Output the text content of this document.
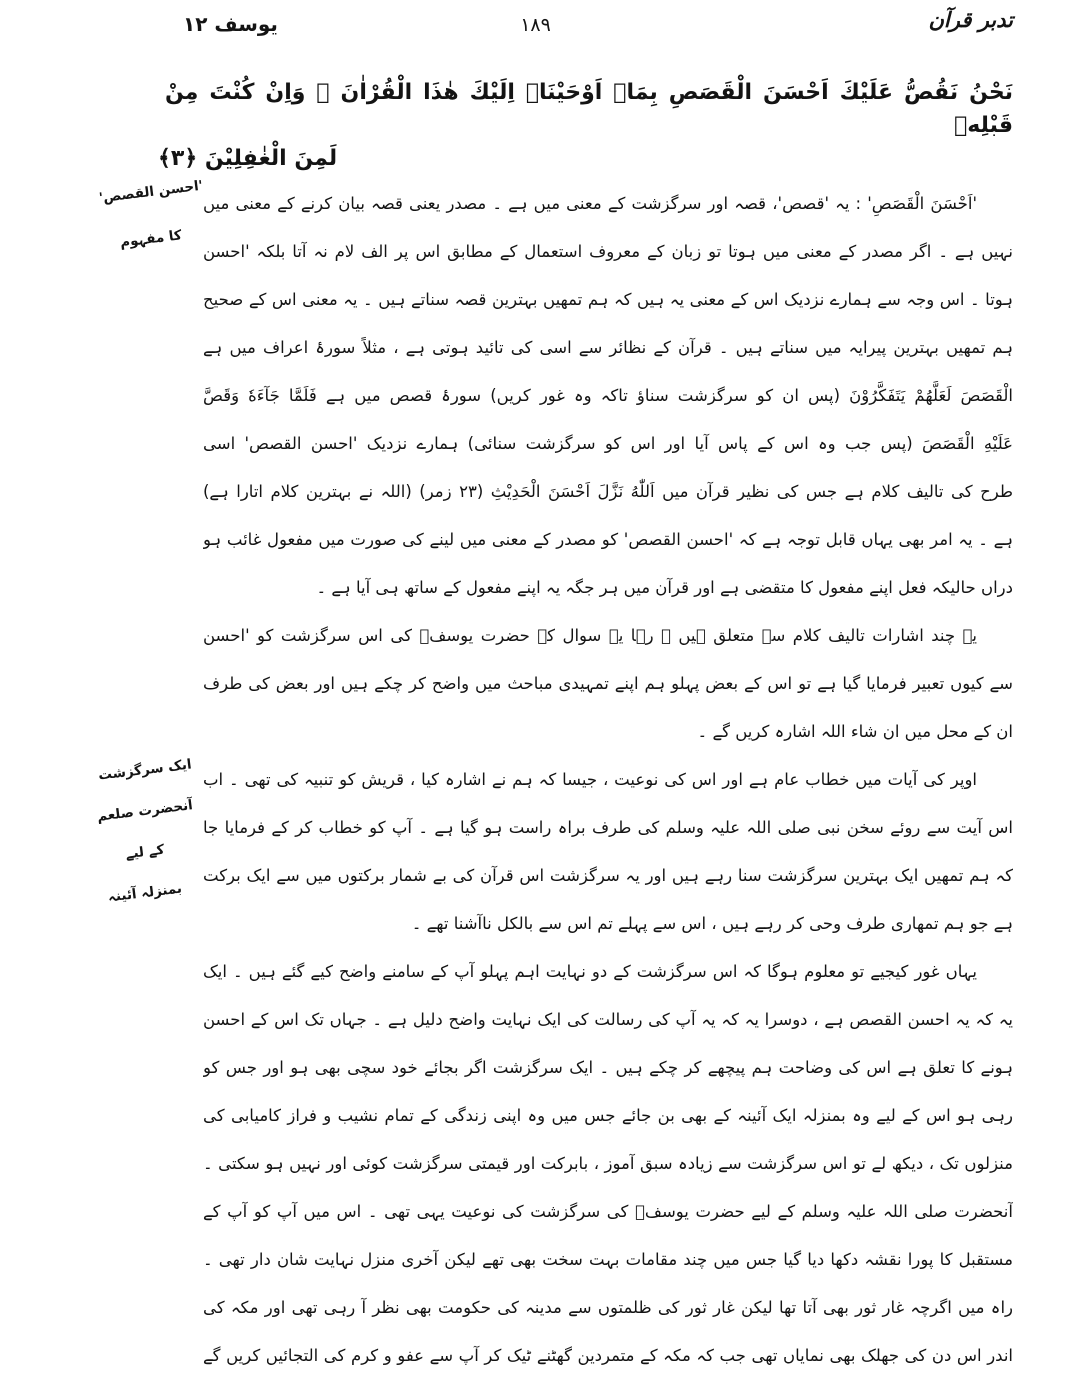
تدبر قرآن
١٨٩
یوسف ۱۲
نَحْنُ نَقُصُّ عَلَيْكَ اَحْسَنَ الْقَصَصِ بِمَاۤ اَوْحَيْنَاۤ اِلَيْكَ هٰذَا الْقُرْاٰنَ ۚ وَاِنْ كُنْتَ مِنْ قَبْلِهٖ
لَمِنَ الْغٰفِلِيْنَ ﴿٣﴾
'احسن القصص'
کا مفہوم
ایک سرگزشت
آنحضرت صلعم
کے لیے
بمنزلہ آئینہ
'اَحْسَنَ الْقَصَصِ' : یہ 'قصص'، قصہ اور سرگزشت کے معنی میں ہے ۔ مصدر یعنی قصہ بیان کرنے کے معنی میں
نہیں ہے ۔ اگر مصدر کے معنی میں ہوتا تو زبان کے معروف استعمال کے مطابق اس پر الف لام نہ آتا بلکہ 'احسن
ہوتا ۔ اس وجہ سے ہمارے نزدیک اس کے معنی یہ ہیں کہ ہم تمھیں بہترین قصہ سناتے ہیں ۔ یہ معنی اس کے صحیح
ہم تمھیں بہترین پیرایہ میں سناتے ہیں ۔ قرآن کے نظائر سے اسی کی تائید ہوتی ہے ، مثلاً سورۂ اعراف میں ہے
الْقَصَصَ لَعَلَّهُمْ يَتَفَكَّرُوْنَ (پس ان کو سرگزشت سناؤ تاکہ وہ غور کریں) سورۂ قصص میں ہے فَلَمَّا جَآءَهٗ وَقَصَّ
عَلَيْهِ الْقَصَصَ (پس جب وہ اس کے پاس آیا اور اس کو سرگزشت سنائی) ہمارے نزدیک 'احسن القصص' اسی
طرح کی تالیف کلام ہے جس کی نظیر قرآن میں اَللّٰهُ نَزَّلَ اَحْسَنَ الْحَدِيْثِ (۲۳ زمر) (اللہ نے بہترین کلام اتارا ہے)
ہے ۔ یہ امر بھی یہاں قابل توجہ ہے کہ 'احسن القصص' کو مصدر کے معنی میں لینے کی صورت میں مفعول غائب ہو
دراں حالیکہ فعل اپنے مفعول کا متقضی ہے اور قرآن میں ہر جگہ یہ اپنے مفعول کے ساتھ ہی آیا ہے ۔
یہ چند اشارات تالیف کلام سے متعلق ہیں ۔ رہا یہ سوال کہ حضرت یوسفؑ کی اس سرگزشت کو 'احسن
سے کیوں تعبیر فرمایا گیا ہے تو اس کے بعض پہلو ہم اپنے تمہیدی مباحث میں واضح کر چکے ہیں اور بعض کی طرف
ان کے محل میں ان شاء اللہ اشارہ کریں گے ۔
اوپر کی آیات میں خطاب عام ہے اور اس کی نوعیت ، جیسا کہ ہم نے اشارہ کیا ، قریش کو تنبیہ کی تھی ۔ اب
اس آیت سے روئے سخن نبی صلی اللہ علیہ وسلم کی طرف براہ راست ہو گیا ہے ۔ آپ کو خطاب کر کے فرمایا جا
کہ ہم تمھیں ایک بہترین سرگزشت سنا رہے ہیں اور یہ سرگزشت اس قرآن کی بے شمار برکتوں میں سے ایک برکت
ہے جو ہم تمھاری طرف وحی کر رہے ہیں ، اس سے پہلے تم اس سے بالکل ناآشنا تھے ۔
یہاں غور کیجیے تو معلوم ہوگا کہ اس سرگزشت کے دو نہایت اہم پہلو آپ کے سامنے واضح کیے گئے ہیں ۔ ایک
یہ کہ یہ احسن القصص ہے ، دوسرا یہ کہ یہ آپ کی رسالت کی ایک نہایت واضح دلیل ہے ۔ جہاں تک اس کے احسن
ہونے کا تعلق ہے اس کی وضاحت ہم پیچھے کر چکے ہیں ۔ ایک سرگزشت اگر بجائے خود سچی بھی ہو اور جس کو
رہی ہو اس کے لیے وہ بمنزلہ ایک آئینہ کے بھی بن جائے جس میں وہ اپنی زندگی کے تمام نشیب و فراز کامیابی کی
منزلوں تک ، دیکھ لے تو اس سرگزشت سے زیادہ سبق آموز ، بابرکت اور قیمتی سرگزشت کوئی اور نہیں ہو سکتی ۔
آنحضرت صلی اللہ علیہ وسلم کے لیے حضرت یوسفؑ کی سرگزشت کی نوعیت یہی تھی ۔ اس میں آپ کو آپ کے
مستقبل کا پورا نقشہ دکھا دیا گیا جس میں چند مقامات بہت سخت بھی تھے لیکن آخری منزل نہایت شان دار تھی ۔
راہ میں اگرچہ غار ثور بھی آتا تھا لیکن غار ثور کی ظلمتوں سے مدینہ کی حکومت بھی نظر آ رہی تھی اور مکہ کی
اندر اس دن کی جھلک بھی نمایاں تھی جب کہ مکہ کے متمردین گھٹنے ٹیک کر آپ سے عفو و کرم کی التجائیں کریں گے
